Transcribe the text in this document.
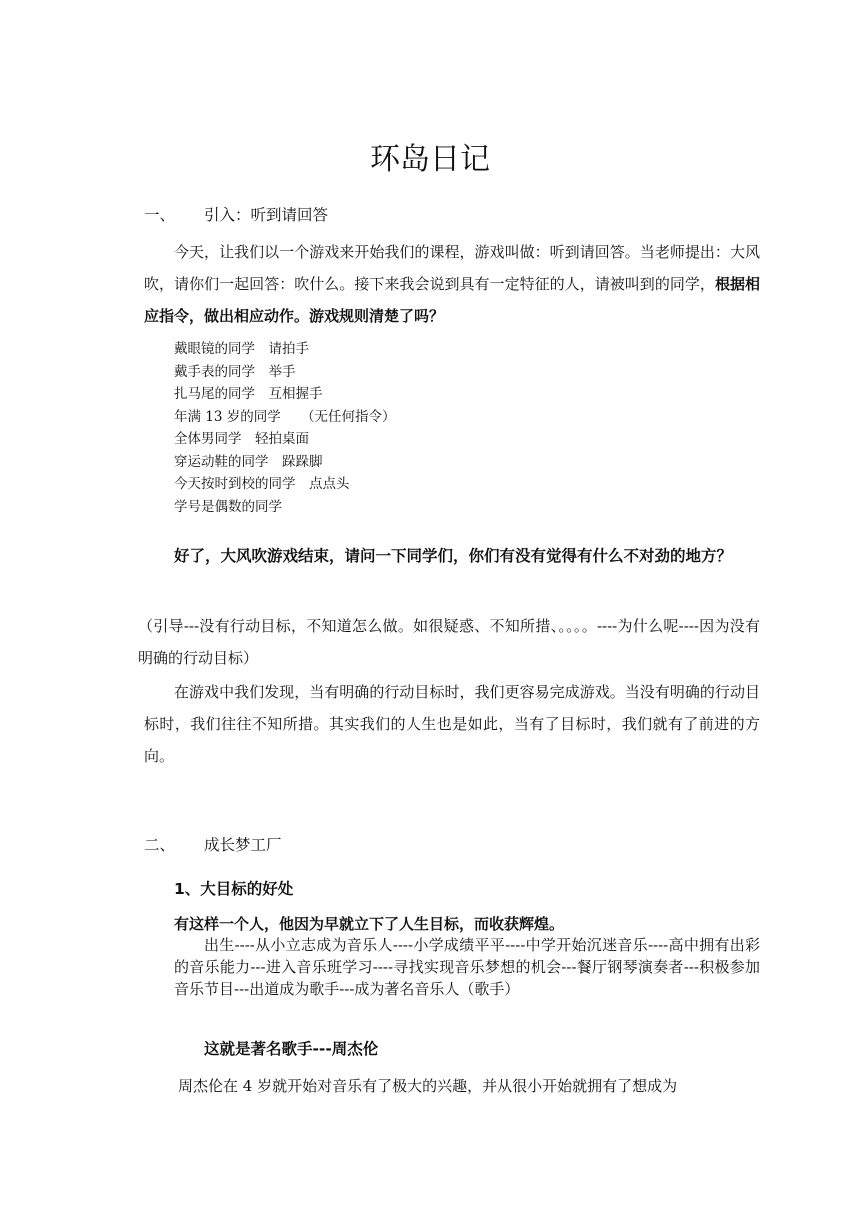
环岛日记
一、 引入：听到请回答

今天，让我们以一个游戏来开始我们的课程，游戏叫做：听到请回答。当老师提出：大风吹，请你们一起回答：吹什么。接下来我会说到具有一定特征的人，请被叫到的同学，根据相应指令，做出相应动作。游戏规则清楚了吗？

戴眼镜的同学　请拍手
戴手表的同学　举手
扎马尾的同学　互相握手
年满 13 岁的同学　　（无任何指令）
全体男同学　轻拍桌面
穿运动鞋的同学　跺跺脚
今天按时到校的同学　点点头
学号是偶数的同学

好了，大风吹游戏结束，请问一下同学们，你们有没有觉得有什么不对劲的地方？

（引导---没有行动目标，不知道怎么做。如很疑惑、不知所措、。。。。----为什么呢----因为没有明确的行动目标）

在游戏中我们发现，当有明确的行动目标时，我们更容易完成游戏。当没有明确的行动目标时，我们往往不知所措。其实我们的人生也是如此，当有了目标时，我们就有了前进的方向。

二、 成长梦工厂
1、大目标的好处
有这样一个人，他因为早就立下了人生目标，而收获辉煌。

出生----从小立志成为音乐人----小学成绩平平----中学开始沉迷音乐----高中拥有出彩的音乐能力---进入音乐班学习----寻找实现音乐梦想的机会---餐厅钢琴演奏者---积极参加音乐节目---出道成为歌手---成为著名音乐人（歌手）

这就是著名歌手---周杰伦

周杰伦在 4 岁就开始对音乐有了极大的兴趣，并从很小开始就拥有了想成为
